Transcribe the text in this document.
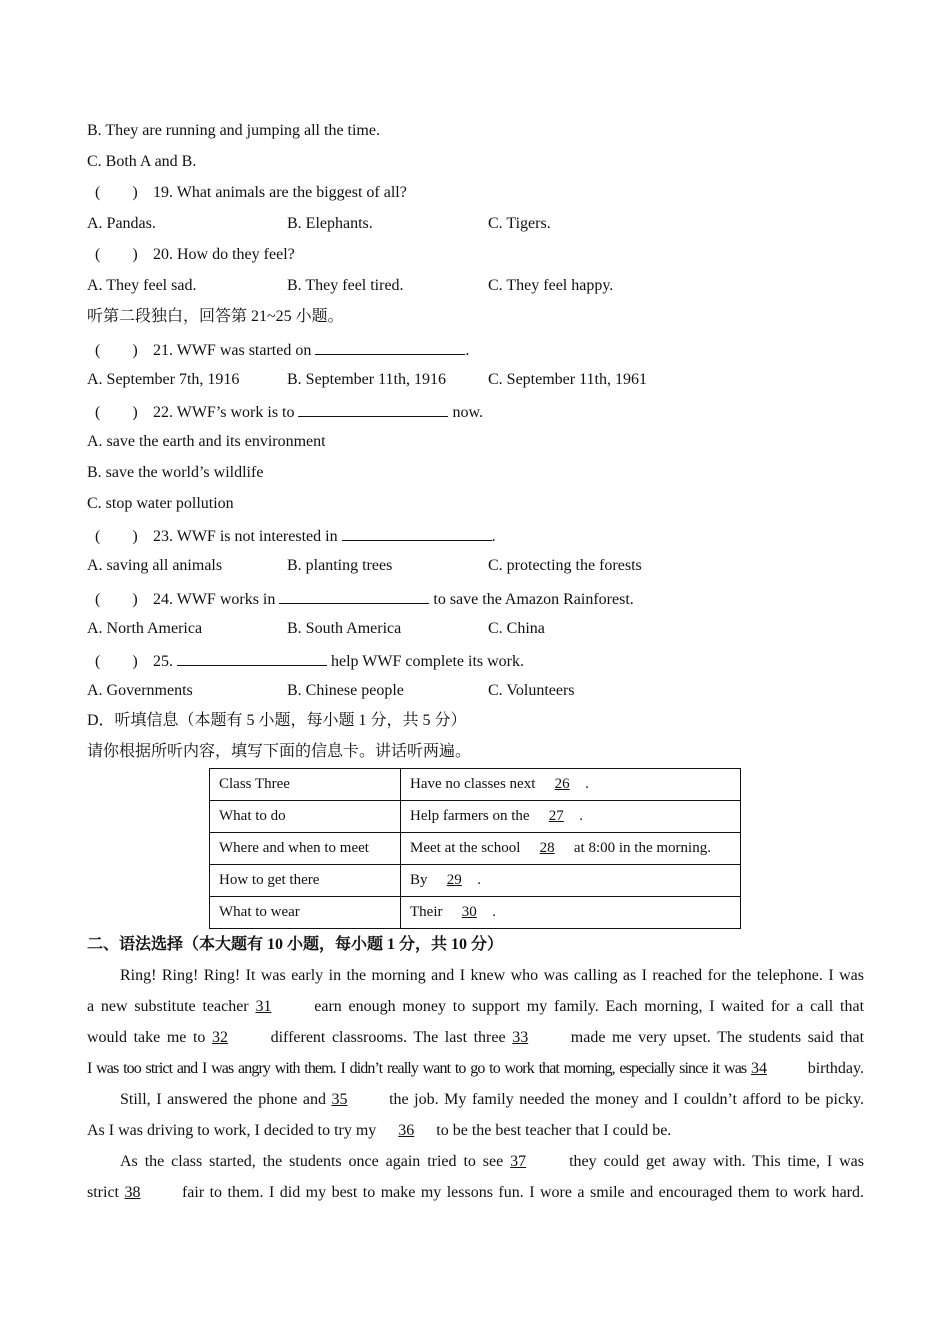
B. They are running and jumping all the time.
C. Both A and B.
(　　) 19. What animals are the biggest of all?
A. Pandas.	B. Elephants.	C. Tigers.
(　　) 20. How do they feel?
A. They feel sad.	B. They feel tired.	C. They feel happy.
听第二段独白，回答第 21~25 小题。
(　　) 21. WWF was started on	.
A. September 7th, 1916	B. September 11th, 1916	C. September 11th, 1961
(　　) 22. WWF’s work is to	now.
A. save the earth and its environment
B. save the world’s wildlife
C. stop water pollution
(　　) 23. WWF is not interested in	.
A. saving all animals	B. planting trees	C. protecting the forests
(　　) 24. WWF works in	to save the Amazon Rainforest.
A. North America	B. South America	C. China
(　　) 25.	help WWF complete its work.
A. Governments	B. Chinese people	C. Volunteers
D．听填信息（本题有 5 小题，每小题 1 分，共 5 分）
请你根据所听内容，填写下面的信息卡。讲话听两遍。
Class Three	Have no classes next 26 .
What to do	Help farmers on the 27 .
Where and when to meet	Meet at the school 28 at 8:00 in the morning.
How to get there	By 29 .
What to wear	Their 30 .
二、语法选择（本大题有 10 小题，每小题 1 分，共 10 分）
Ring! Ring! Ring! It was early in the morning and I knew who was calling as I reached for the telephone. I was
a new substitute teacher 31	earn enough money to support my family. Each morning, I waited for a call that
would take me to 32	different classrooms. The last three 33	made me very upset. The students said that
I was too strict and I was angry with them. I didn’t really want to go to work that morning, especially since it was 34	birthday.
Still, I answered the phone and 35	the job. My family needed the money and I couldn’t afford to be picky.
As I was driving to work, I decided to try my 36 to be the best teacher that I could be.
As the class started, the students once again tried to see 37	they could get away with. This time, I was
strict 38	fair to them. I did my best to make my lessons fun. I wore a smile and encouraged them to work hard.
